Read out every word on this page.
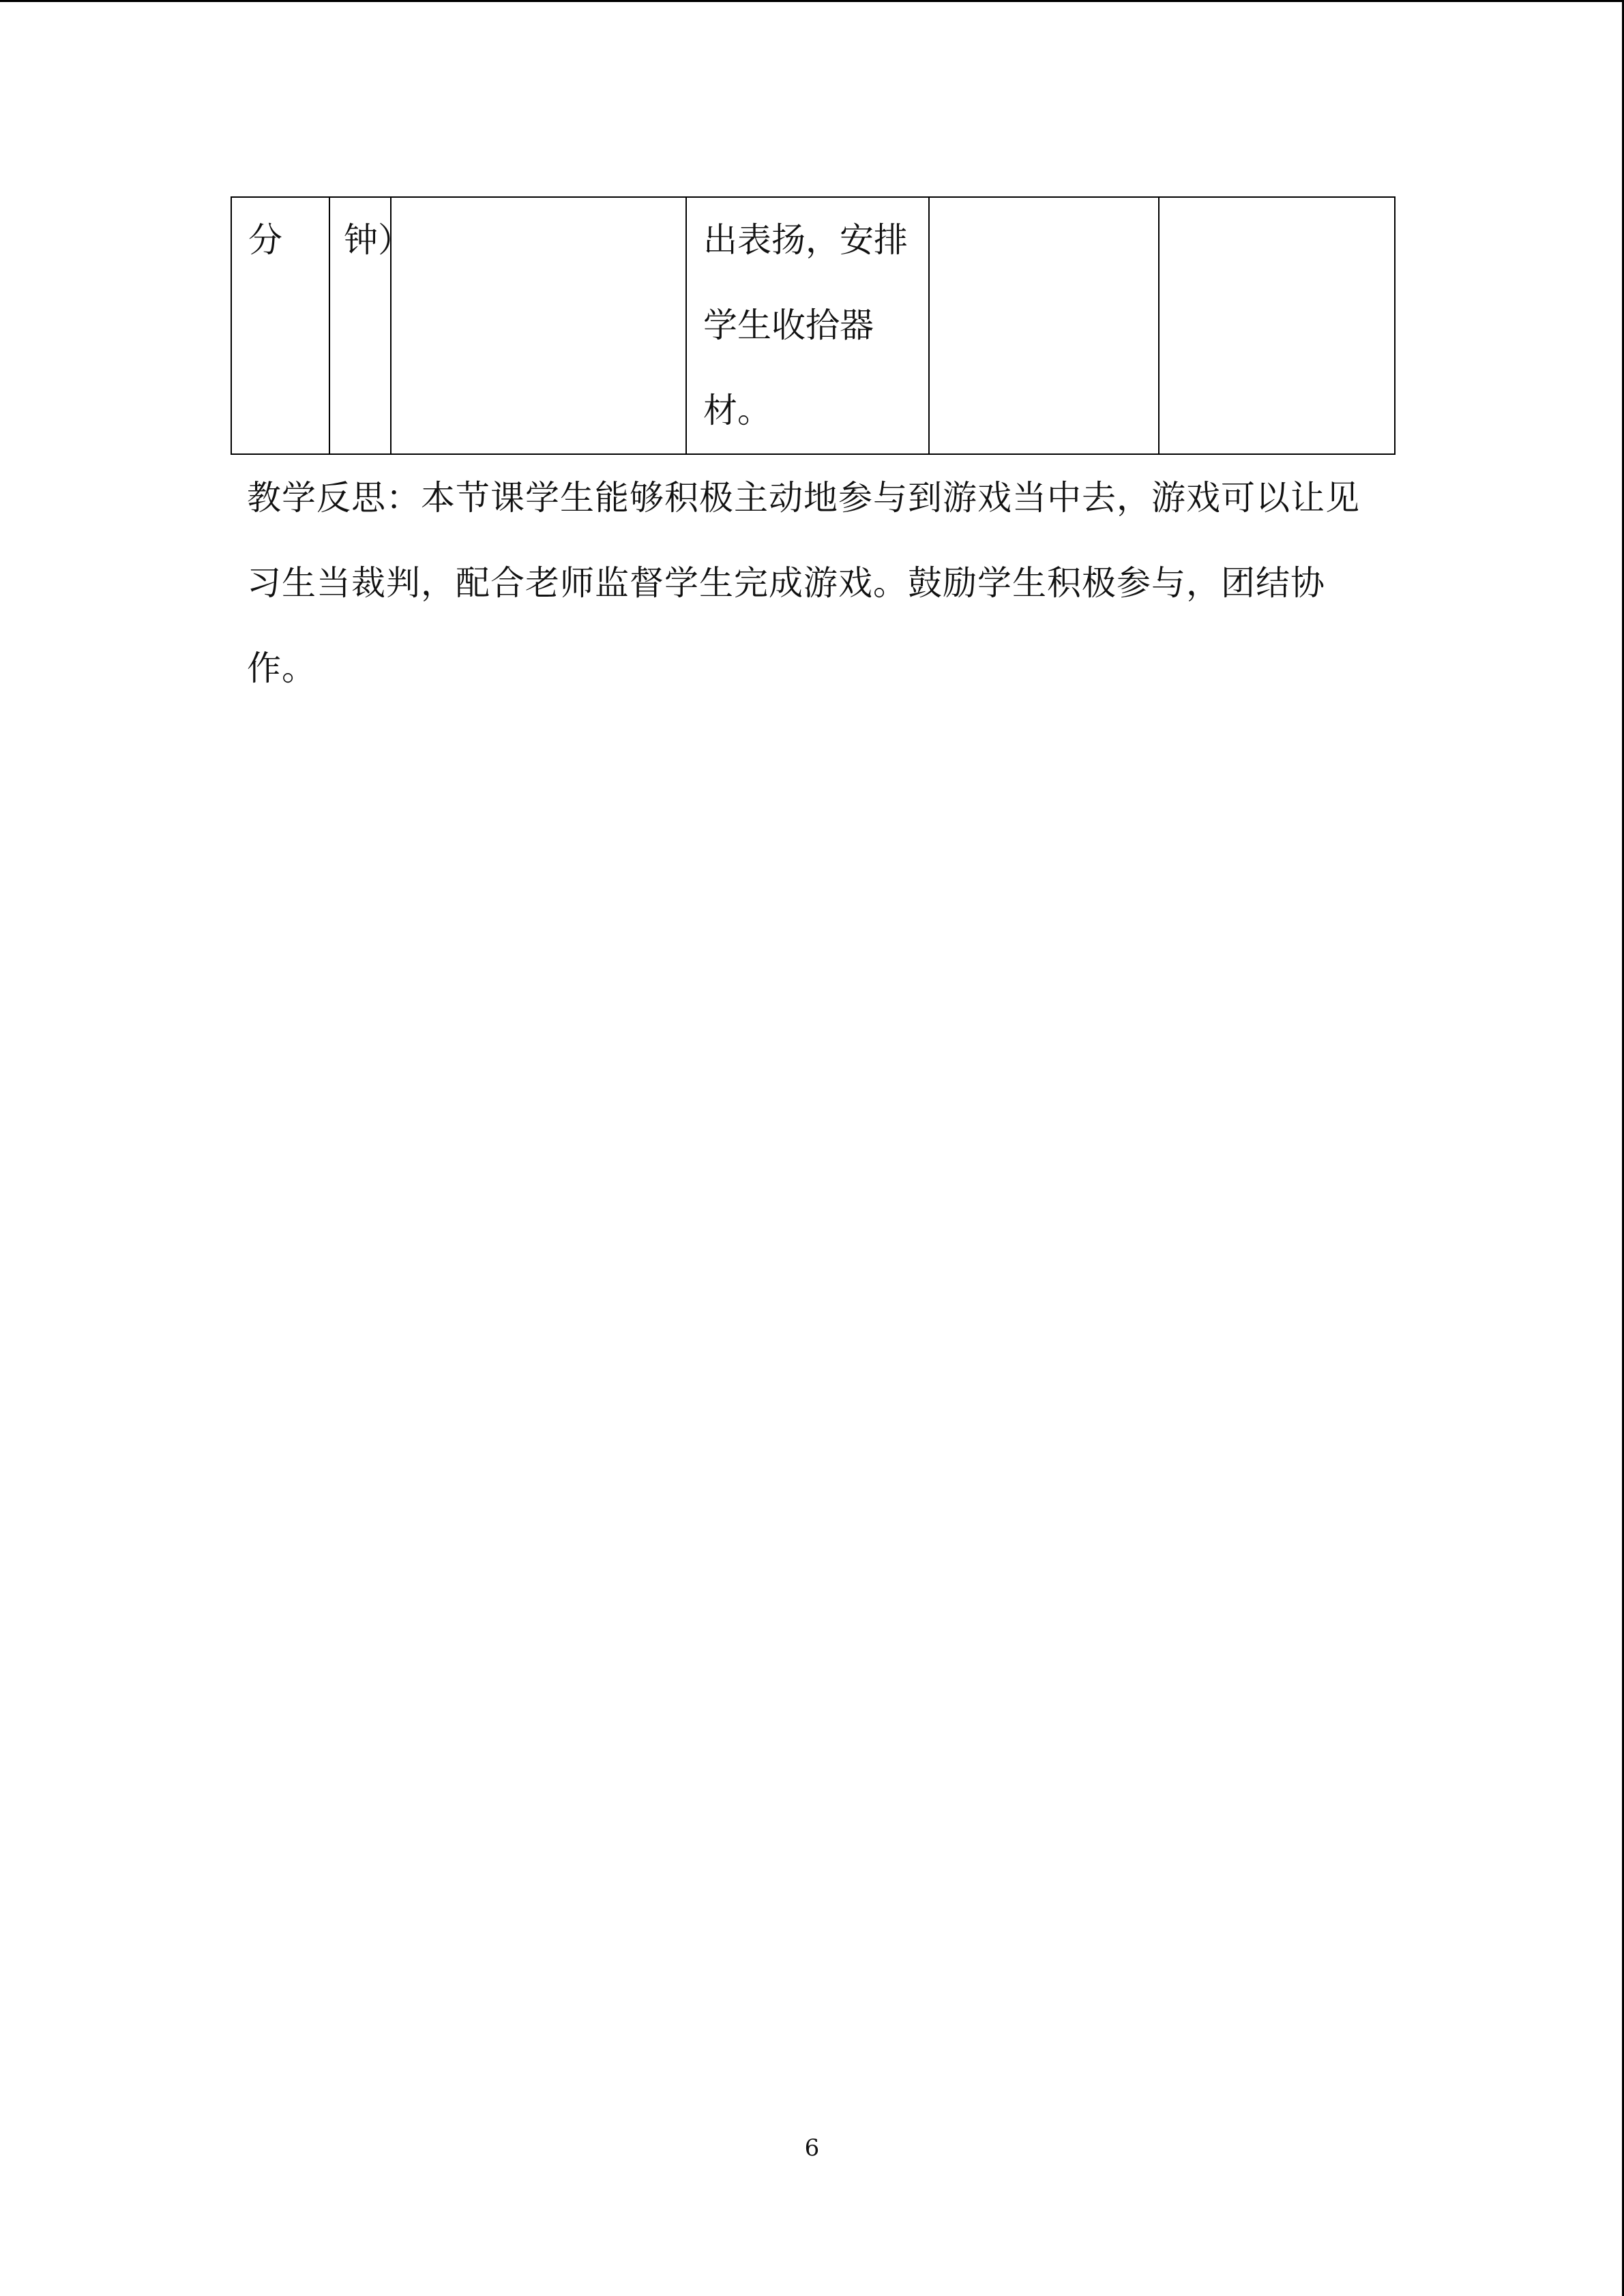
分	钟）		出表扬，安排学生收拾器材。

教学反思：本节课学生能够积极主动地参与到游戏当中去，游戏可以让见习生当裁判，配合老师监督学生完成游戏。鼓励学生积极参与，团结协作。

6
